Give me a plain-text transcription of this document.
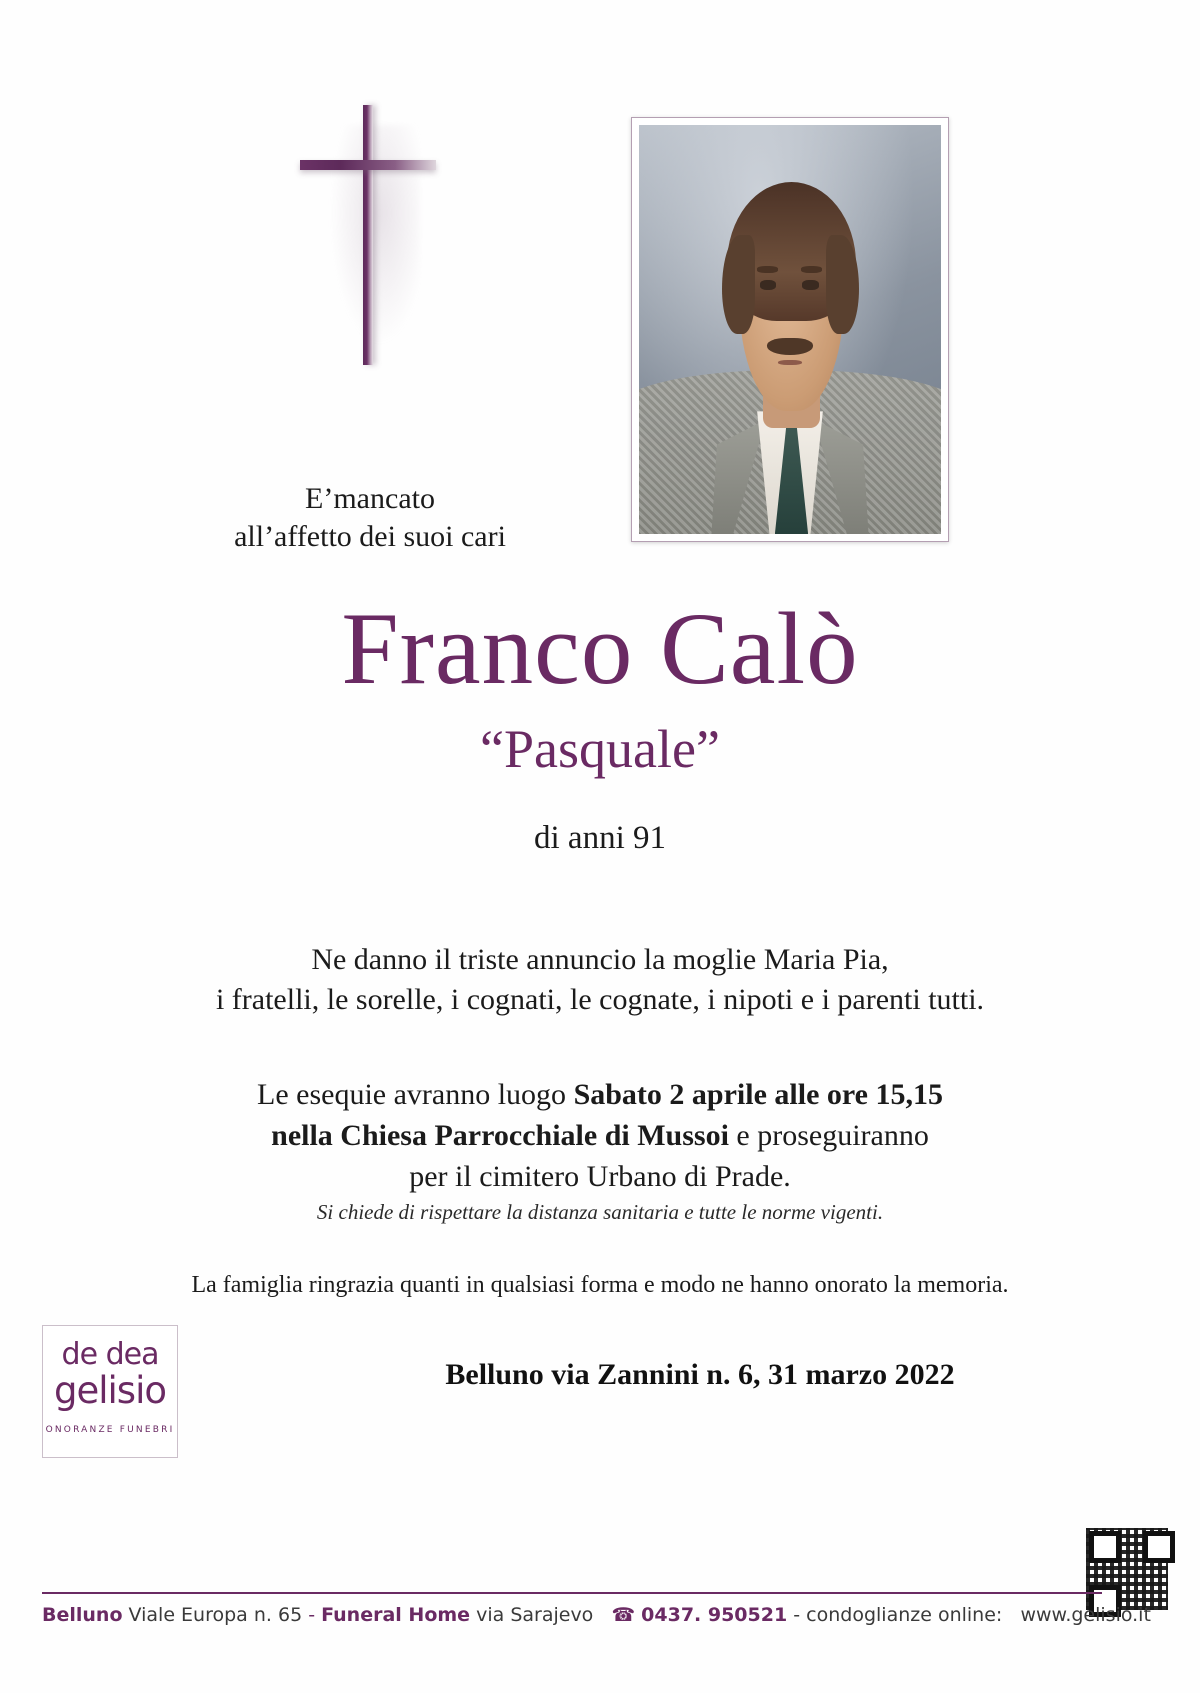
E’mancato
all’affetto dei suoi cari
Franco Calò
“Pasquale”
di anni 91
Ne danno il triste annuncio la moglie Maria Pia,
i fratelli, le sorelle, i cognati, le cognate, i nipoti e i parenti tutti.
Le esequie avranno luogo Sabato 2 aprile alle ore 15,15
nella Chiesa Parrocchiale di Mussoi e proseguiranno
per il cimitero Urbano di Prade.
Si chiede di rispettare la distanza sanitaria e tutte le norme vigenti.
La famiglia ringrazia quanti in qualsiasi forma e modo ne hanno onorato la memoria.
Belluno via Zannini n. 6, 31 marzo 2022
de dea
gelisio
ONORANZE FUNEBRI
Belluno Viale Europa n. 65 - Funeral Home via Sarajevo ☎ 0437. 950521 - condoglianze online: www.gelisio.it
